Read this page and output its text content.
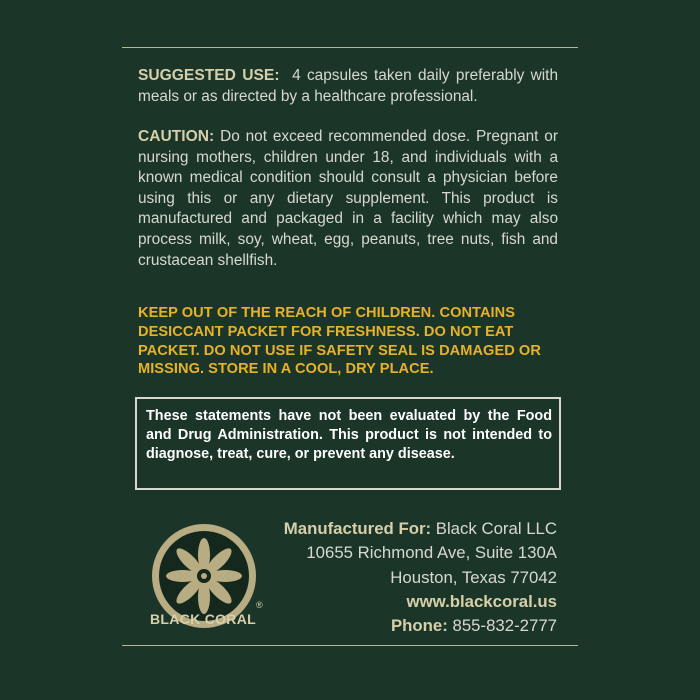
SUGGESTED USE: 4 capsules taken daily preferably with meals or as directed by a healthcare professional.

CAUTION: Do not exceed recommended dose. Pregnant or nursing mothers, children under 18, and individuals with a known medical condition should consult a physician before using this or any dietary supplement. This product is manufactured and packaged in a facility which may also process milk, soy, wheat, egg, peanuts, tree nuts, fish and crustacean shellfish.

KEEP OUT OF THE REACH OF CHILDREN. CONTAINS DESICCANT PACKET FOR FRESHNESS. DO NOT EAT PACKET. DO NOT USE IF SAFETY SEAL IS DAMAGED OR MISSING. STORE IN A COOL, DRY PLACE.

These statements have not been evaluated by the Food and Drug Administration. This product is not intended to diagnose, treat, cure, or prevent any disease.

BLACK CORAL
®
Manufactured For: Black Coral LLC
10655 Richmond Ave, Suite 130A
Houston, Texas 77042
www.blackcoral.us
Phone: 855-832-2777
